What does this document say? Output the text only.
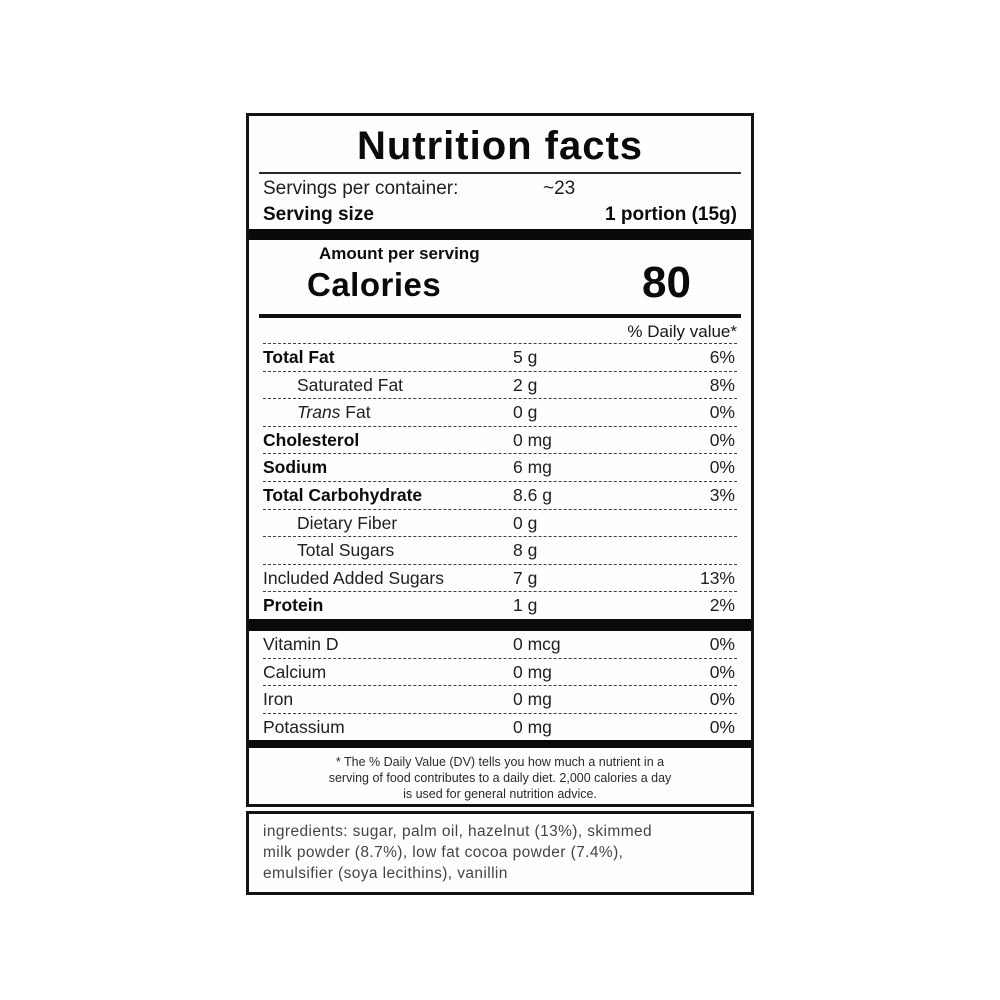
Nutrition facts
Servings per container:	~23
Serving size	1 portion (15g)
Amount per serving
Calories	80
% Daily value*
Total Fat	5 g	6%
Saturated Fat	2 g	8%
Trans Fat	0 g	0%
Cholesterol	0 mg	0%
Sodium	6 mg	0%
Total Carbohydrate	8.6 g	3%
Dietary Fiber	0 g
Total Sugars	8 g
Included Added Sugars	7 g	13%
Protein	1 g	2%
Vitamin D	0 mcg	0%
Calcium	0 mg	0%
Iron	0 mg	0%
Potassium	0 mg	0%
* The % Daily Value (DV) tells you how much a nutrient in a
serving of food contributes to a daily diet. 2,000 calories a day
is used for general nutrition advice.
ingredients: sugar, palm oil, hazelnut (13%), skimmed
milk powder (8.7%), low fat cocoa powder (7.4%),
emulsifier (soya lecithins), vanillin
